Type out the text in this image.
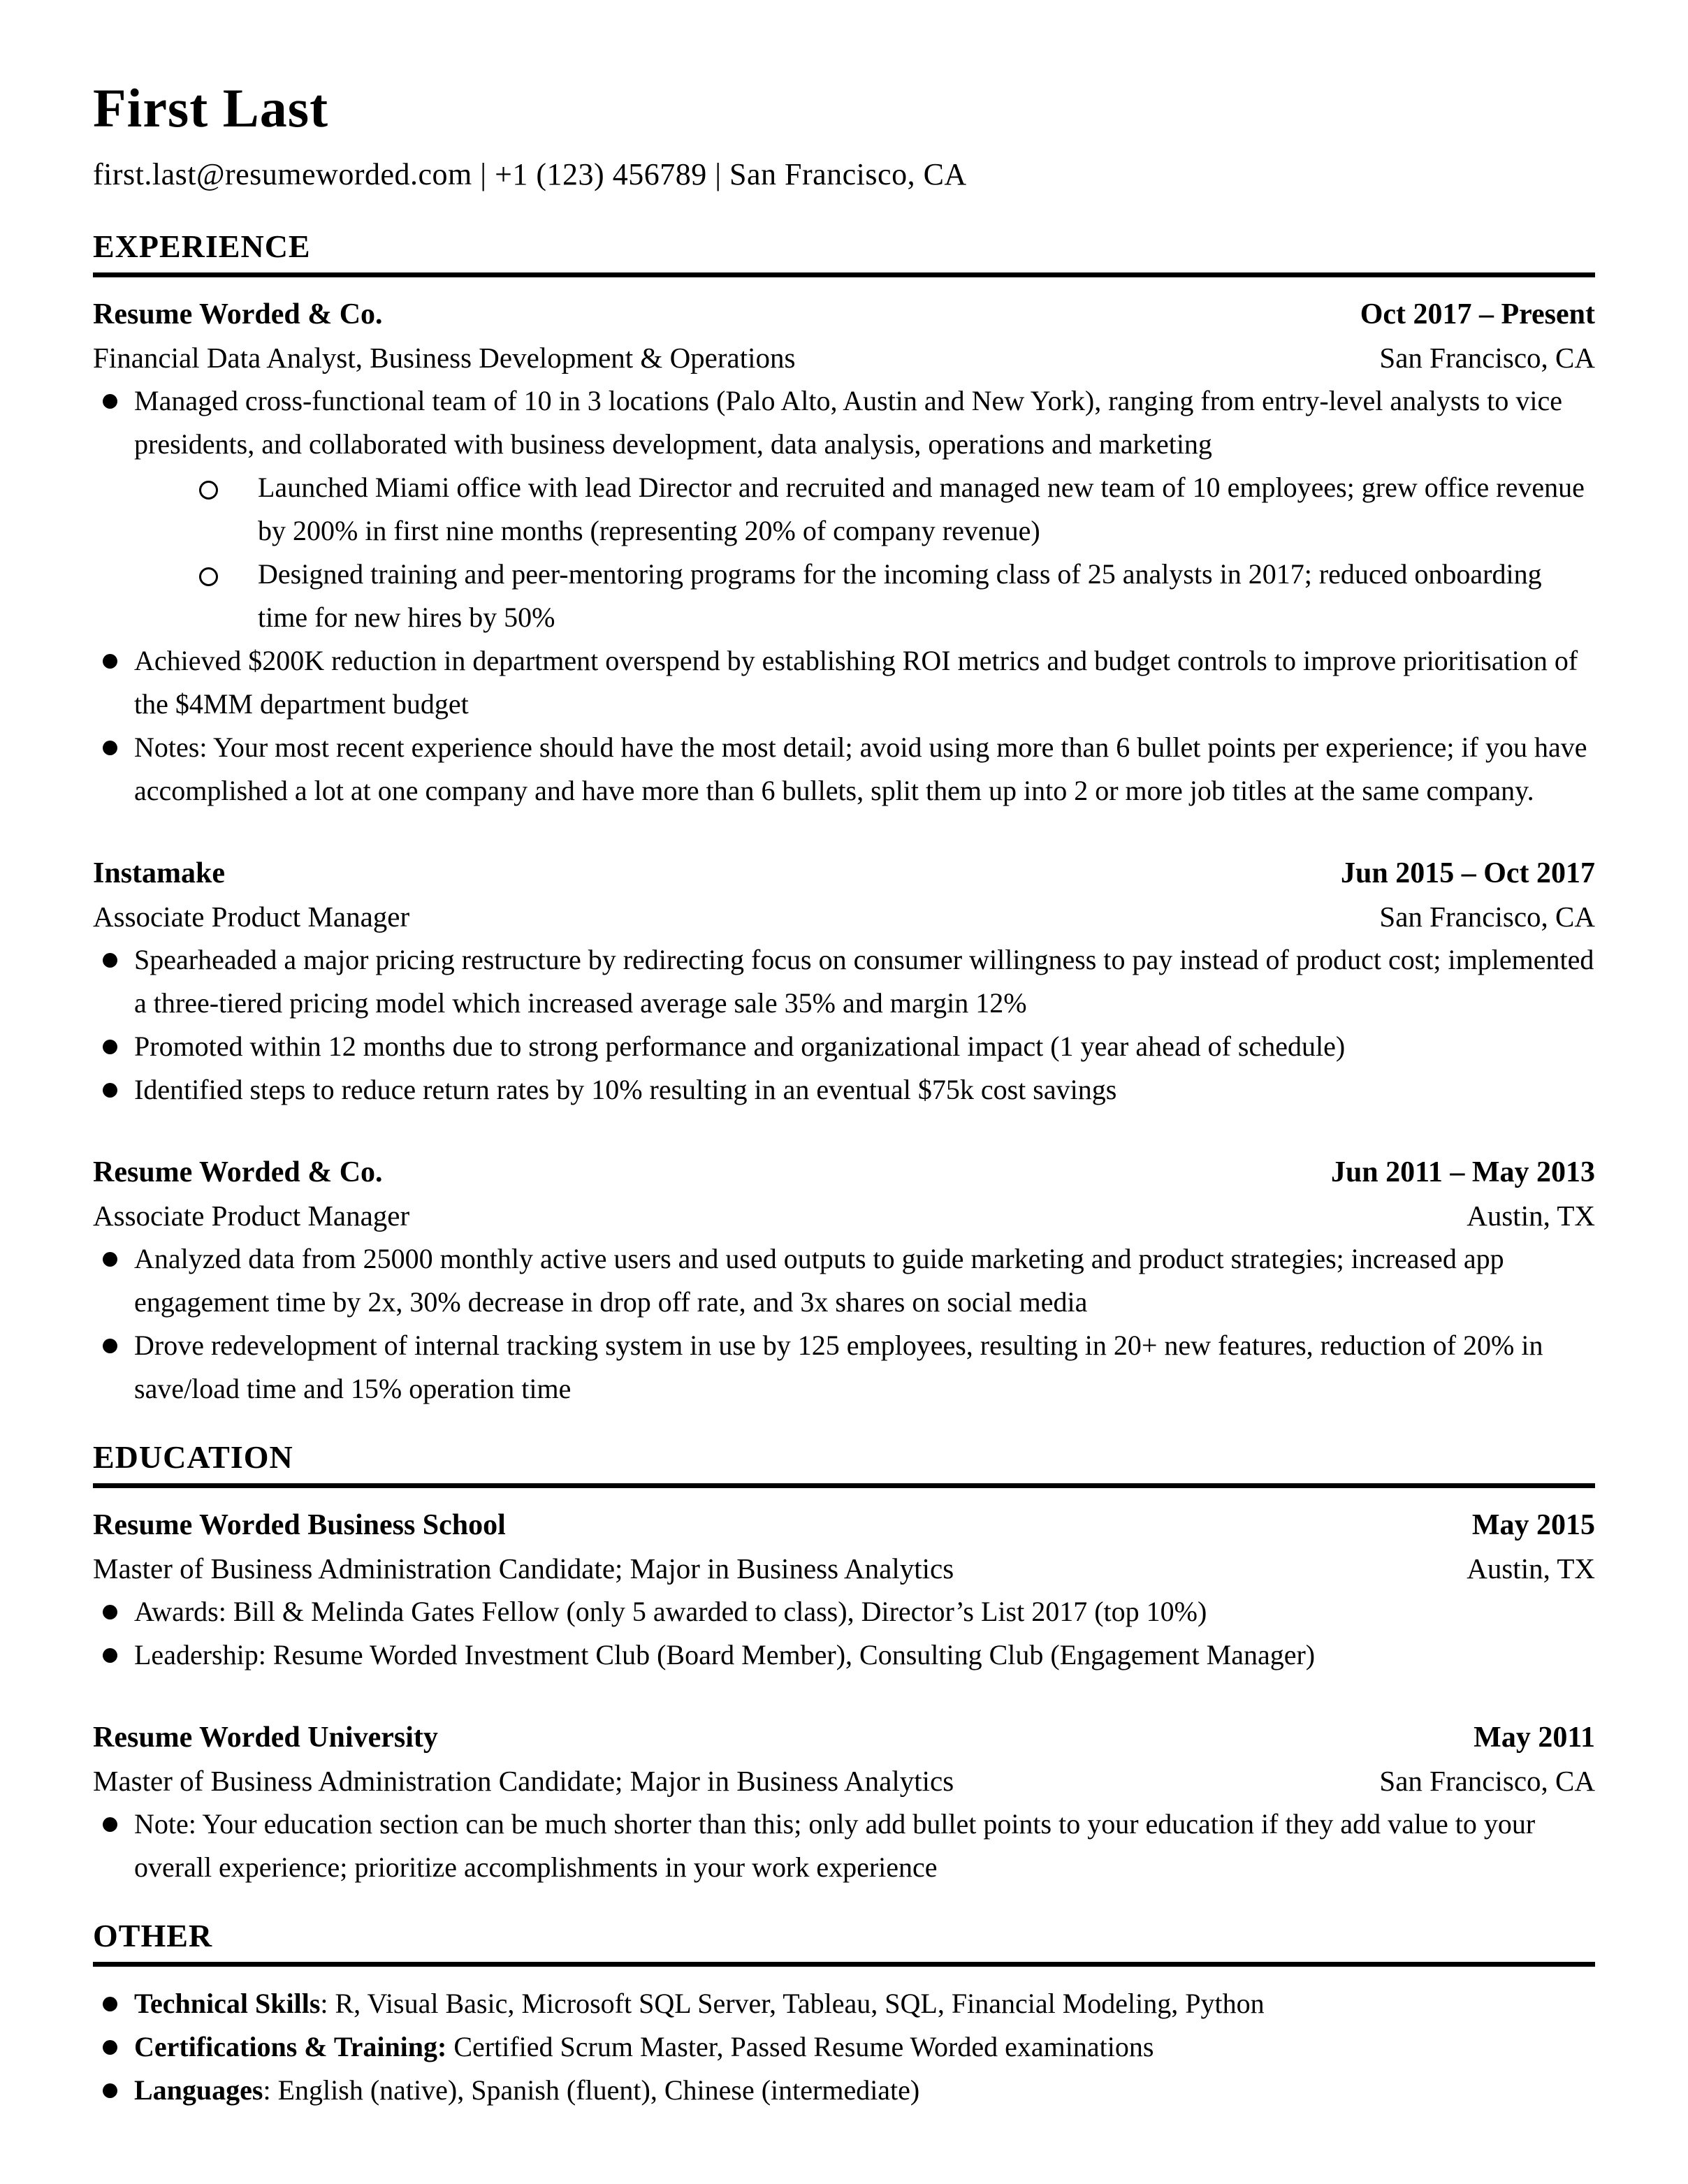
First Last
first.last@resumeworded.com | +1 (123) 456789 | San Francisco, CA
EXPERIENCE
Resume Worded & Co.	Oct 2017 – Present
Financial Data Analyst, Business Development & Operations	San Francisco, CA
Managed cross-functional team of 10 in 3 locations (Palo Alto, Austin and New York), ranging from entry-level analysts to vice presidents, and collaborated with business development, data analysis, operations and marketing
Launched Miami office with lead Director and recruited and managed new team of 10 employees; grew office revenue by 200% in first nine months (representing 20% of company revenue)
Designed training and peer-mentoring programs for the incoming class of 25 analysts in 2017; reduced onboarding time for new hires by 50%
Achieved $200K reduction in department overspend by establishing ROI metrics and budget controls to improve prioritisation of the $4MM department budget
Notes: Your most recent experience should have the most detail; avoid using more than 6 bullet points per experience; if you have accomplished a lot at one company and have more than 6 bullets, split them up into 2 or more job titles at the same company.
Instamake	Jun 2015 – Oct 2017
Associate Product Manager	San Francisco, CA
Spearheaded a major pricing restructure by redirecting focus on consumer willingness to pay instead of product cost; implemented a three-tiered pricing model which increased average sale 35% and margin 12%
Promoted within 12 months due to strong performance and organizational impact (1 year ahead of schedule)
Identified steps to reduce return rates by 10% resulting in an eventual $75k cost savings
Resume Worded & Co.	Jun 2011 – May 2013
Associate Product Manager	Austin, TX
Analyzed data from 25000 monthly active users and used outputs to guide marketing and product strategies; increased app engagement time by 2x, 30% decrease in drop off rate, and 3x shares on social media
Drove redevelopment of internal tracking system in use by 125 employees, resulting in 20+ new features, reduction of 20% in save/load time and 15% operation time
EDUCATION
Resume Worded Business School	May 2015
Master of Business Administration Candidate; Major in Business Analytics	Austin, TX
Awards: Bill & Melinda Gates Fellow (only 5 awarded to class), Director’s List 2017 (top 10%)
Leadership: Resume Worded Investment Club (Board Member), Consulting Club (Engagement Manager)
Resume Worded University	May 2011
Master of Business Administration Candidate; Major in Business Analytics	San Francisco, CA
Note: Your education section can be much shorter than this; only add bullet points to your education if they add value to your overall experience; prioritize accomplishments in your work experience
OTHER
Technical Skills: R, Visual Basic, Microsoft SQL Server, Tableau, SQL, Financial Modeling, Python
Certifications & Training: Certified Scrum Master, Passed Resume Worded examinations
Languages: English (native), Spanish (fluent), Chinese (intermediate)
